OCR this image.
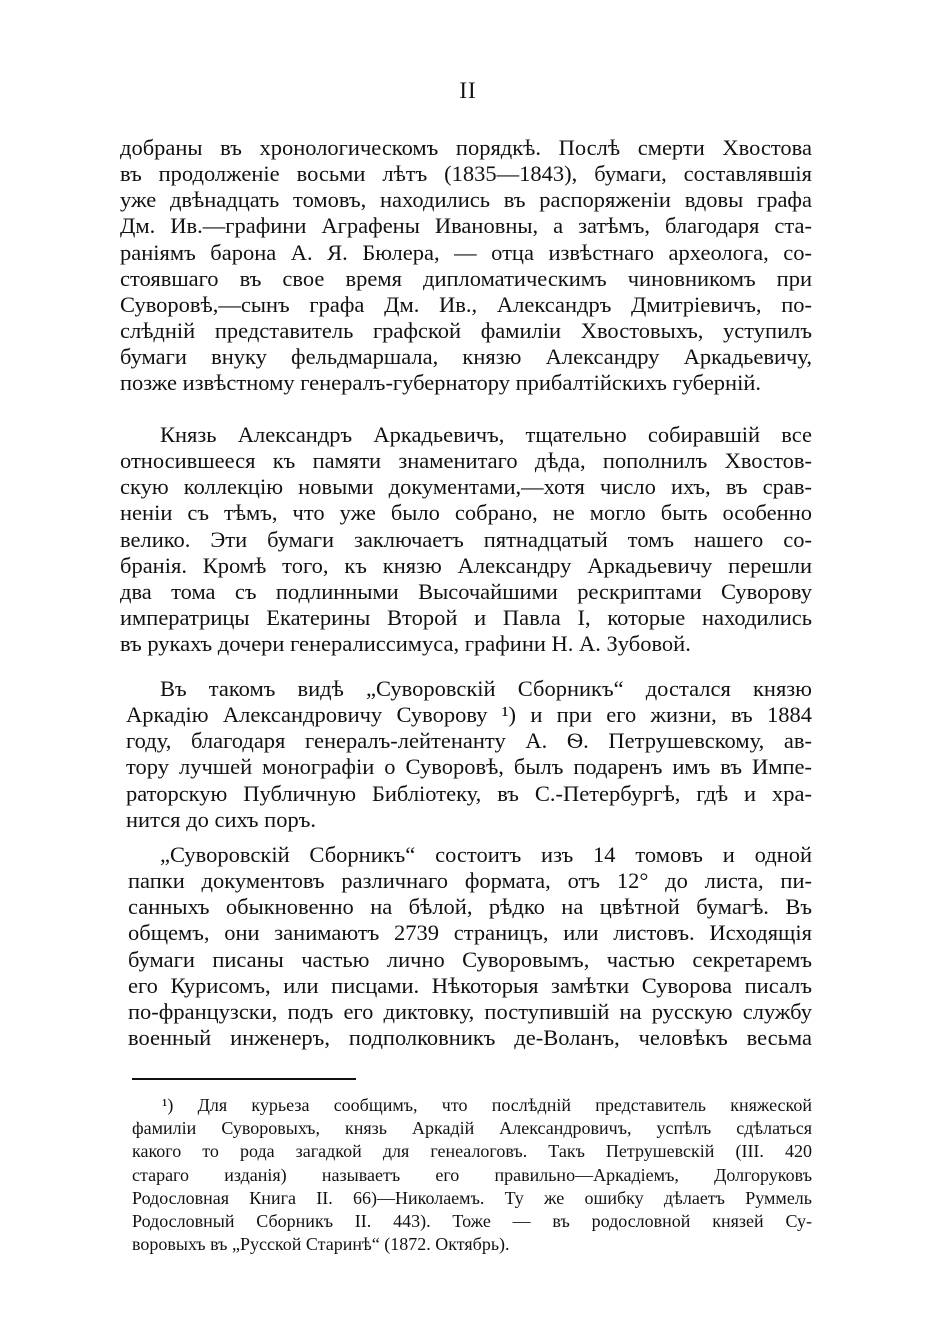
II
добраны въ хронологическомъ порядкѣ. Послѣ смерти Хвостова
въ продолженіе восьми лѣтъ (1835—1843), бумаги, составлявшія
уже двѣнадцать томовъ, находились въ распоряженіи вдовы графа
Дм. Ив.—графини Аграфены Ивановны, а затѣмъ, благодаря ста-
раніямъ барона А. Я. Бюлера, — отца извѣстнаго археолога, со-
стоявшаго въ свое время дипломатическимъ чиновникомъ при
Суворовѣ,—сынъ графа Дм. Ив., Александръ Дмитріевичъ, по-
слѣдній представитель графской фамиліи Хвостовыхъ, уступилъ
бумаги внуку фельдмаршала, князю Александру Аркадьевичу,
позже извѣстному генералъ-губернатору прибалтійскихъ губерній.
Князь Александръ Аркадьевичъ, тщательно собиравшій все
относившееся къ памяти знаменитаго дѣда, пополнилъ Хвостов-
скую коллекцію новыми документами,—хотя число ихъ, въ срав-
неніи съ тѣмъ, что уже было собрано, не могло быть особенно
велико. Эти бумаги заключаетъ пятнадцатый томъ нашего со-
бранія. Кромѣ того, къ князю Александру Аркадьевичу перешли
два тома съ подлинными Высочайшими рескриптами Суворову
императрицы Екатерины Второй и Павла I, которые находились
въ рукахъ дочери генералиссимуса, графини Н. А. Зубовой.
Въ такомъ видѣ „Суворовскій Сборникъ“ достался князю
Аркадію Александровичу Суворову ¹) и при его жизни, въ 1884
году, благодаря генералъ-лейтенанту А. Ѳ. Петрушевскому, ав-
тору лучшей монографіи о Суворовѣ, былъ подаренъ имъ въ Импе-
раторскую Публичную Библіотеку, въ С.-Петербургѣ, гдѣ и хра-
нится до сихъ поръ.
„Суворовскій Сборникъ“ состоитъ изъ 14 томовъ и одной
папки документовъ различнаго формата, отъ 12° до листа, пи-
санныхъ обыкновенно на бѣлой, рѣдко на цвѣтной бумагѣ. Въ
общемъ, они занимаютъ 2739 страницъ, или листовъ. Исходящія
бумаги писаны частью лично Суворовымъ, частью секретаремъ
его Курисомъ, или писцами. Нѣкоторыя замѣтки Суворова писалъ
по-французски, подъ его диктовку, поступившій на русскую службу
военный инженеръ, подполковникъ де-Воланъ, человѣкъ весьма
¹) Для курьеза сообщимъ, что послѣдній представитель княжеской
фамиліи Суворовыхъ, князь Аркадій Александровичъ, успѣлъ сдѣлаться
какого то рода загадкой для генеалоговъ. Такъ Петрушевскій (III. 420
стараго изданія) называетъ его правильно—Аркадіемъ, Долгоруковъ
Родословная Книга II. 66)—Николаемъ. Ту же ошибку дѣлаетъ Руммель
Родословный Сборникъ II. 443). Тоже — въ родословной князей Су-
воровыхъ въ „Русской Старинѣ“ (1872. Октябрь).
